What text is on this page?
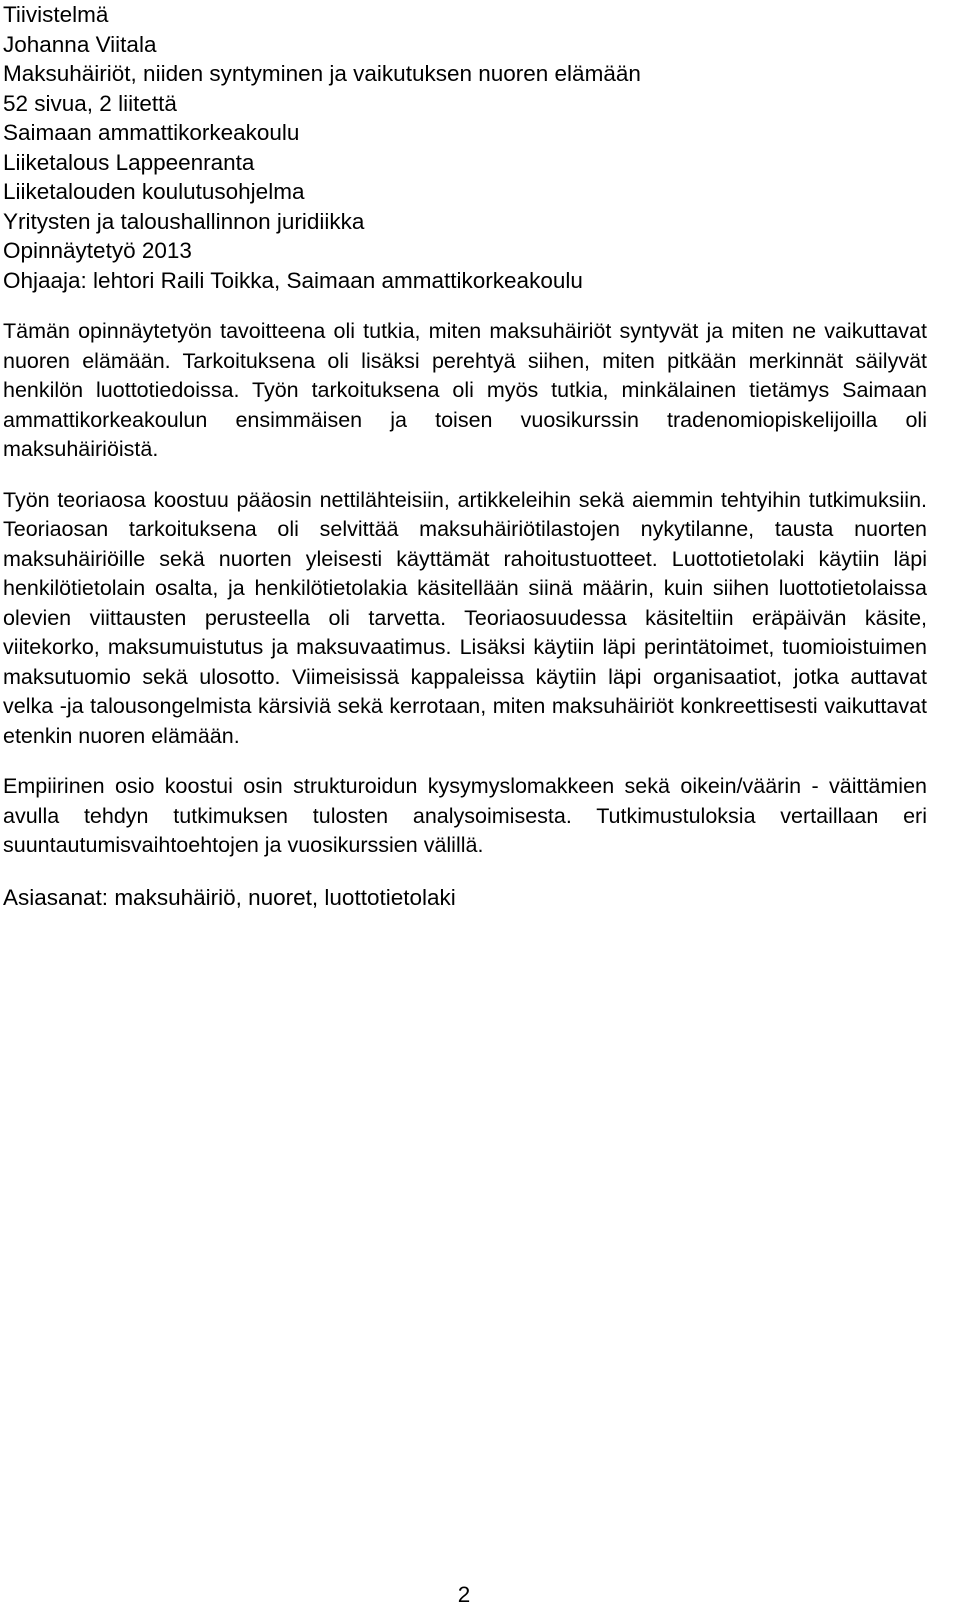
Tiivistelmä

Johanna Viitala

Maksuhäiriöt, niiden syntyminen ja vaikutuksen nuoren elämään

52 sivua, 2 liitettä

Saimaan ammattikorkeakoulu

Liiketalous Lappeenranta

Liiketalouden koulutusohjelma

Yritysten ja taloushallinnon juridiikka

Opinnäytetyö 2013

Ohjaaja: lehtori Raili Toikka, Saimaan ammattikorkeakoulu

Tämän opinnäytetyön tavoitteena oli tutkia, miten maksuhäiriöt syntyvät ja miten ne vaikuttavat nuoren elämään. Tarkoituksena oli lisäksi perehtyä siihen, miten pitkään merkinnät säilyvät henkilön luottotiedoissa. Työn tarkoituksena oli myös tutkia, minkälainen tietämys Saimaan ammattikorkeakoulun ensimmäisen ja toisen vuosikurssin tradenomiopiskelijoilla oli maksuhäiriöistä.

Työn teoriaosa koostuu pääosin nettilähteisiin, artikkeleihin sekä aiemmin tehtyihin tutkimuksiin. Teoriaosan tarkoituksena oli selvittää maksuhäiriötilastojen nykytilanne, tausta nuorten maksuhäiriöille sekä nuorten yleisesti käyttämät rahoitustuotteet. Luottotietolaki käytiin läpi henkilötietolain osalta, ja henkilötietolakia käsitellään siinä määrin, kuin siihen luottotietolaissa olevien viittausten perusteella oli tarvetta. Teoriaosuudessa käsiteltiin eräpäivän käsite, viitekorko, maksumuistutus ja maksuvaatimus. Lisäksi käytiin läpi perintätoimet, tuomioistuimen maksutuomio sekä ulosotto. Viimeisissä kappaleissa käytiin läpi organisaatiot, jotka auttavat velka -ja talousongelmista kärsiviä sekä kerrotaan, miten maksuhäiriöt konkreettisesti vaikuttavat etenkin nuoren elämään.

Empiirinen osio koostui osin strukturoidun kysymyslomakkeen sekä oikein/väärin - väittämien avulla tehdyn tutkimuksen tulosten analysoimisesta. Tutkimustuloksia vertaillaan eri suuntautumisvaihtoehtojen ja vuosikurssien välillä.

Asiasanat: maksuhäiriö, nuoret, luottotietolaki

2
